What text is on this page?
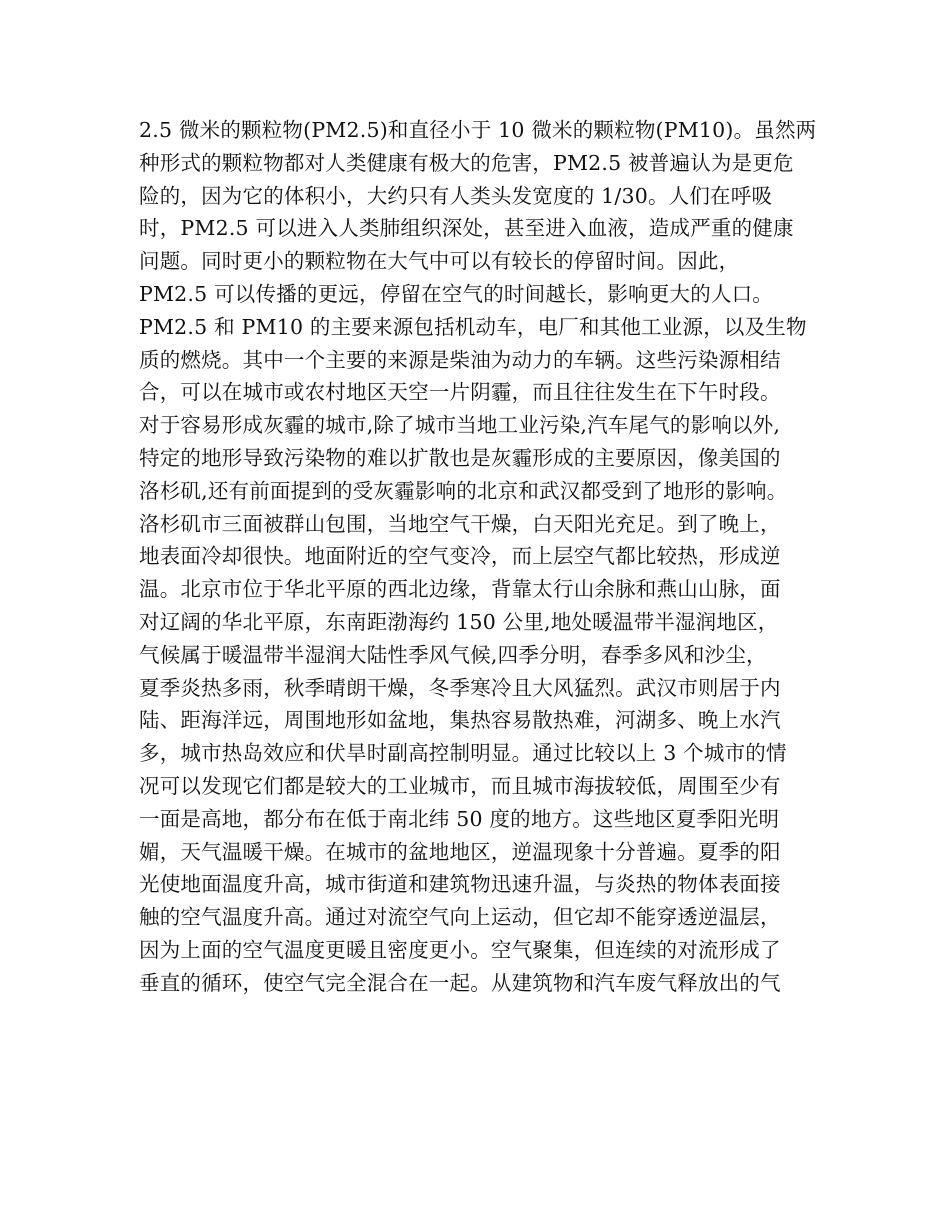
2.5 微米的颗粒物(PM2.5)和直径小于 10 微米的颗粒物(PM10)。虽然两
种形式的颗粒物都对人类健康有极大的危害，PM2.5 被普遍认为是更危
险的，因为它的体积小，大约只有人类头发宽度的 1/30。人们在呼吸
时，PM2.5 可以进入人类肺组织深处，甚至进入血液，造成严重的健康
问题。同时更小的颗粒物在大气中可以有较长的停留时间。因此，
PM2.5 可以传播的更远，停留在空气的时间越长，影响更大的人口。
PM2.5 和 PM10 的主要来源包括机动车，电厂和其他工业源，以及生物
质的燃烧。其中一个主要的来源是柴油为动力的车辆。这些污染源相结
合，可以在城市或农村地区天空一片阴霾，而且往往发生在下午时段。
对于容易形成灰霾的城市,除了城市当地工业污染,汽车尾气的影响以外,
特定的地形导致污染物的难以扩散也是灰霾形成的主要原因，像美国的
洛杉矶,还有前面提到的受灰霾影响的北京和武汉都受到了地形的影响。
洛杉矶市三面被群山包围，当地空气干燥，白天阳光充足。到了晚上，
地表面冷却很快。地面附近的空气变冷，而上层空气都比较热，形成逆
温。北京市位于华北平原的西北边缘，背靠太行山余脉和燕山山脉，面
对辽阔的华北平原，东南距渤海约 150 公里,地处暖温带半湿润地区，
气候属于暖温带半湿润大陆性季风气候,四季分明，春季多风和沙尘，
夏季炎热多雨，秋季晴朗干燥，冬季寒冷且大风猛烈。武汉市则居于内
陆、距海洋远，周围地形如盆地，集热容易散热难，河湖多、晚上水汽
多，城市热岛效应和伏旱时副高控制明显。通过比较以上 3 个城市的情
况可以发现它们都是较大的工业城市，而且城市海拔较低，周围至少有
一面是高地，都分布在低于南北纬 50 度的地方。这些地区夏季阳光明
媚，天气温暖干燥。在城市的盆地地区，逆温现象十分普遍。夏季的阳
光使地面温度升高，城市街道和建筑物迅速升温，与炎热的物体表面接
触的空气温度升高。通过对流空气向上运动，但它却不能穿透逆温层，
因为上面的空气温度更暖且密度更小。空气聚集，但连续的对流形成了
垂直的循环，使空气完全混合在一起。从建筑物和汽车废气释放出的气
